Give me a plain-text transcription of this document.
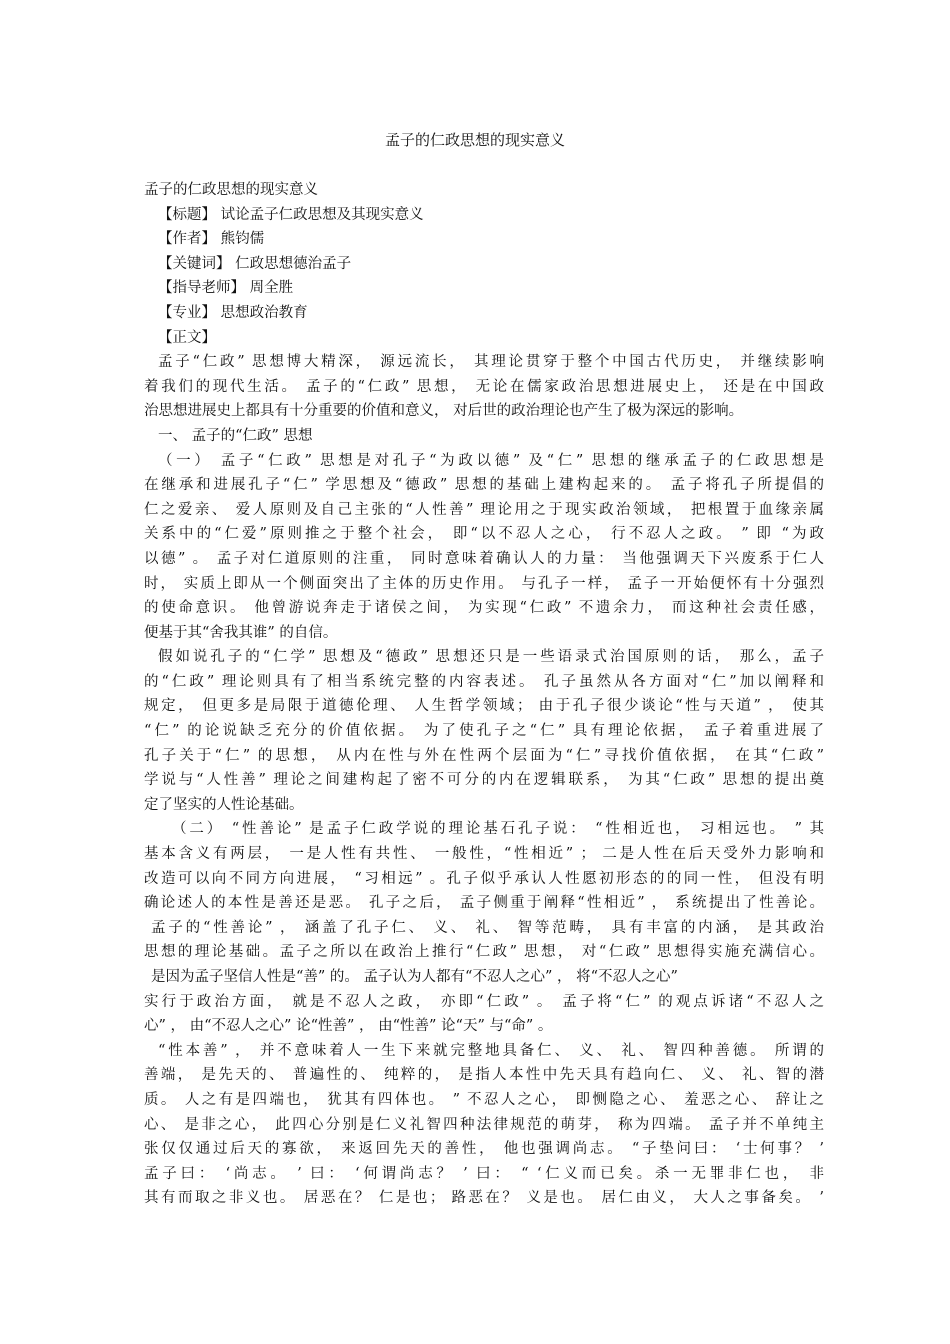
孟子的仁政思想的现实意义
孟子的仁政思想的现实意义
【标题】 试论孟子仁政思想及其现实意义
【作者】 熊钧儒
【关键词】 仁政思想德治孟子
【指导老师】 周全胜
【专业】 思想政治教育
【正文】
孟子“仁政” 思想博大精深， 源远流长， 其理论贯穿于整个中国古代历史， 并继续影响
着我们的现代生活。 孟子的“仁政” 思想， 无论在儒家政治思想进展史上， 还是在中国政
治思想进展史上都具有十分重要的价值和意义， 对后世的政治理论也产生了极为深远的影响。
一、 孟子的“仁政” 思想
（一） 孟子“仁政” 思想是对孔子“为政以德” 及“仁” 思想的继承孟子的仁政思想是
在继承和进展孔子“仁” 学思想及“德政” 思想的基础上建构起来的。 孟子将孔子所提倡的
仁之爱亲、 爱人原则及自己主张的“人性善” 理论用之于现实政治领域， 把根置于血缘亲属
关系中的“仁爱”原则推之于整个社会， 即“以不忍人之心， 行不忍人之政。 ” 即 “为政
以德” 。 孟子对仁道原则的注重， 同时意味着确认人的力量： 当他强调天下兴废系于仁人
时， 实质上即从一个侧面突出了主体的历史作用。 与孔子一样， 孟子一开始便怀有十分强烈
的使命意识。 他曾游说奔走于诸侯之间， 为实现“仁政” 不遗余力， 而这种社会责任感，
便基于其“舍我其谁” 的自信。
假如说孔子的“仁学” 思想及“德政” 思想还只是一些语录式治国原则的话， 那么，孟子
的“仁政” 理论则具有了相当系统完整的内容表述。 孔子虽然从各方面对“仁”加以阐释和
规定， 但更多是局限于道德伦理、 人生哲学领域； 由于孔子很少谈论“性与天道” ， 使其
“仁” 的论说缺乏充分的价值依据。 为了使孔子之“仁” 具有理论依据， 孟子着重进展了
孔子关于“仁” 的思想， 从内在性与外在性两个层面为“仁”寻找价值依据， 在其“仁政”
学说与“人性善” 理论之间建构起了密不可分的内在逻辑联系， 为其“仁政” 思想的提出奠
定了坚实的人性论基础。
（二） “性善论” 是孟子仁政学说的理论基石孔子说： “性相近也， 习相远也。 ” 其
基本含义有两层， 一是人性有共性、 一般性，“性相近” ； 二是人性在后天受外力影响和
改造可以向不同方向进展， “习相远” 。孔子似乎承认人性愿初形态的的同一性， 但没有明
确论述人的本性是善还是恶。 孔子之后， 孟子侧重于阐释“性相近” ， 系统提出了性善论。
孟子的“性善论” ， 涵盖了孔子仁、 义、 礼、 智等范畴， 具有丰富的内涵， 是其政治
思想的理论基础。孟子之所以在政治上推行“仁政” 思想， 对“仁政” 思想得实施充满信心。
是因为孟子坚信人性是“善” 的。 孟子认为人都有“不忍人之心” ， 将“不忍人之心”
实行于政治方面， 就是不忍人之政， 亦即“仁政” 。 孟子将“仁” 的观点诉诸“不忍人之
心” ， 由“不忍人之心” 论“性善” ， 由“性善” 论“天” 与“命” 。
“性本善” ， 并不意味着人一生下来就完整地具备仁、 义、 礼、 智四种善德。 所谓的
善端， 是先天的、 普遍性的、 纯粹的， 是指人本性中先天具有趋向仁、 义、 礼、智的潜
质。 人之有是四端也， 犹其有四体也。 ” 不忍人之心， 即恻隐之心、 羞恶之心、 辞让之
心、 是非之心， 此四心分别是仁义礼智四种法律规范的萌芽， 称为四端。 孟子并不单纯主
张仅仅通过后天的寡欲， 来返回先天的善性， 他也强调尚志。 “子垫问曰： ‘士何事？ ’
孟子曰： ‘尚志。 ’ 曰： ‘何谓尚志？ ’ 曰： “ ‘仁义而已矣。杀一无罪非仁也， 非
其有而取之非义也。 居恶在？ 仁是也； 路恶在？ 义是也。 居仁由义， 大人之事备矣。 ’
